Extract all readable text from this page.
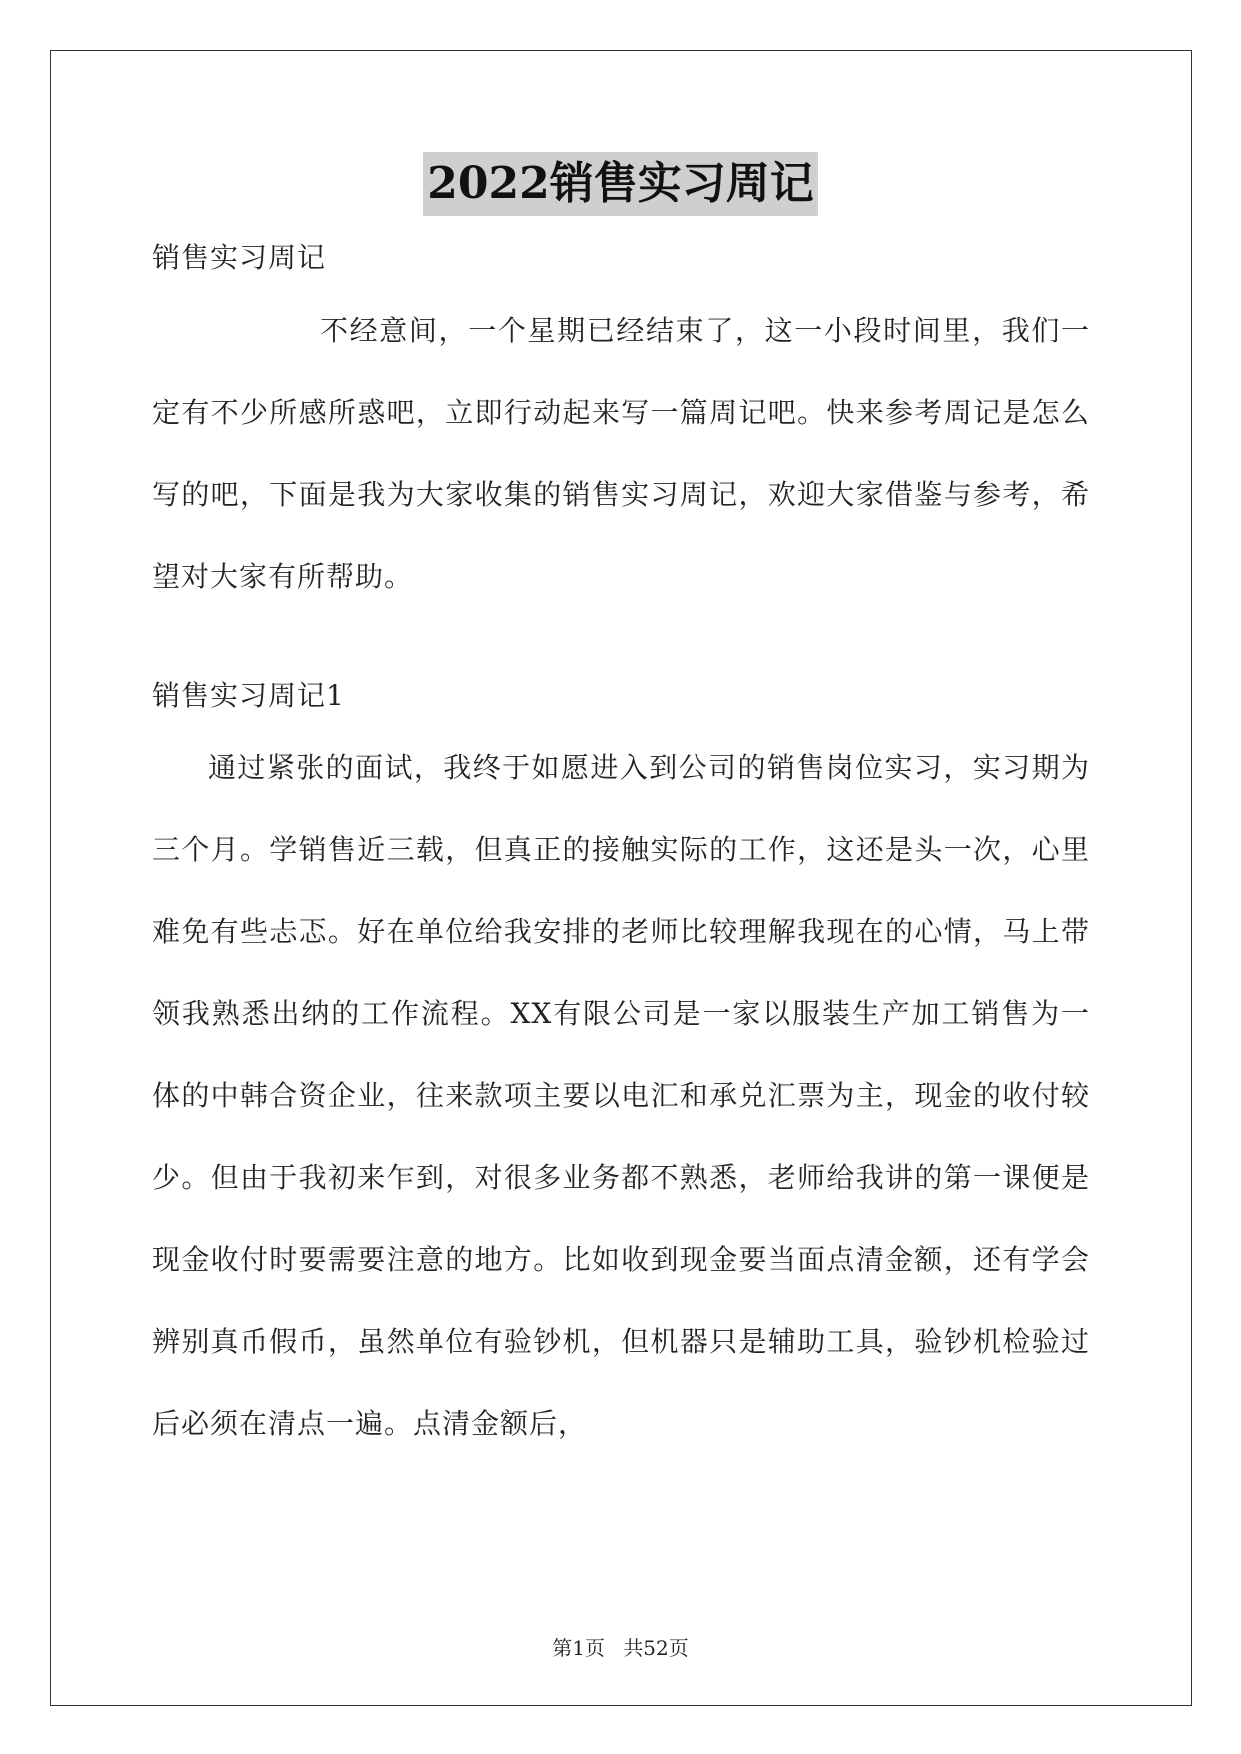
2022销售实习周记

销售实习周记

不经意间，一个星期已经结束了，这一小段时间里，我们一定有不少所感所惑吧，立即行动起来写一篇周记吧。快来参考周记是怎么写的吧，下面是我为大家收集的销售实习周记，欢迎大家借鉴与参考，希望对大家有所帮助。

销售实习周记1

通过紧张的面试，我终于如愿进入到公司的销售岗位实习，实习期为三个月。学销售近三载，但真正的接触实际的工作，这还是头一次，心里难免有些忐忑。好在单位给我安排的老师比较理解我现在的心情，马上带领我熟悉出纳的工作流程。XX有限公司是一家以服装生产加工销售为一体的中韩合资企业，往来款项主要以电汇和承兑汇票为主，现金的收付较少。但由于我初来乍到，对很多业务都不熟悉，老师给我讲的第一课便是现金收付时要需要注意的地方。比如收到现金要当面点清金额，还有学会辨别真币假币，虽然单位有验钞机，但机器只是辅助工具，验钞机检验过后必须在清点一遍。点清金额后，

第1页 共52页
